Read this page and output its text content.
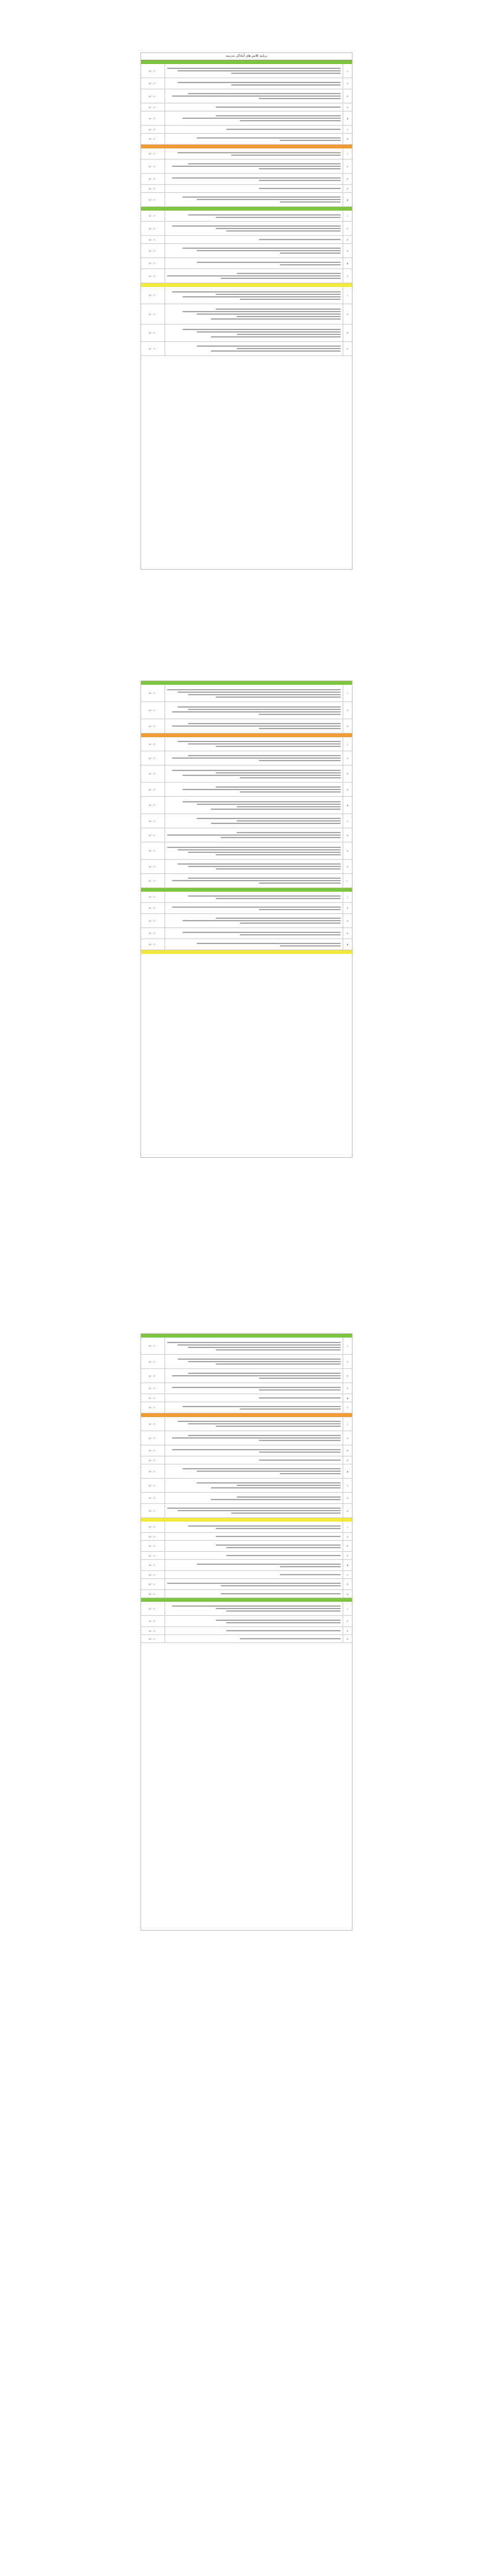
برنامه کلاس های آمادگی مدرسه
۱۴۰۰/۰۰	۱
۱۴۰۰/۰۰	۲
۱۴۰۰/۰۰	۳
۱۴۰۰/۰۰	۴
۱۴۰۰/۰۰	۵
۱۴۰۰/۰۰	۶
۱۴۰۰/۰۰	۷
۱۴۰۰/۰۰	۱
۱۴۰۰/۰۰	۲
۱۴۰۰/۰۰	۳
۱۴۰۰/۰۰	۴
۱۴۰۰/۰۰	۵
۱۴۰۰/۰۰	۱
۱۴۰۰/۰۰	۲
۱۴۰۰/۰۰	۳
۱۴۰۰/۰۰	۴
۱۴۰۰/۰۰	۵
۱۴۰۰/۰۰	۶
۱۴۰۰/۰۰	۱
۱۴۰۰/۰۰	۲
۱۴۰۰/۰۰	۳
۱۴۰۰/۰۰	۴
۱۴۰۰/۰۰	۱
۱۴۰۰/۰۰	۲
۱۴۰۰/۰۰	۳
۱۴۰۰/۰۰	۱
۱۴۰۰/۰۰	۲
۱۴۰۰/۰۰	۳
۱۴۰۰/۰۰	۴
۱۴۰۰/۰۰	۵
۱۴۰۰/۰۰	۶
۱۴۰۰/۰۰	۷
۱۴۰۰/۰۰	۸
۱۴۰۰/۰۰	۹
۱۴۰۰/۰۰	۱۰
۱۴۰۰/۰۰	۱
۱۴۰۰/۰۰	۲
۱۴۰۰/۰۰	۳
۱۴۰۰/۰۰	۴
۱۴۰۰/۰۰	۵
۱۴۰۰/۰۰	۱
۱۴۰۰/۰۰	۲
۱۴۰۰/۰۰	۳
۱۴۰۰/۰۰	۴
۱۴۰۰/۰۰	۵
۱۴۰۰/۰۰	۶
۱۴۰۰/۰۰	۱
۱۴۰۰/۰۰	۲
۱۴۰۰/۰۰	۳
۱۴۰۰/۰۰	۴
۱۴۰۰/۰۰	۵
۱۴۰۰/۰۰	۶
۱۴۰۰/۰۰	۷
۱۴۰۰/۰۰	۸
۱۴۰۰/۰۰	۱
۱۴۰۰/۰۰	۲
۱۴۰۰/۰۰	۳
۱۴۰۰/۰۰	۴
۱۴۰۰/۰۰	۵
۱۴۰۰/۰۰	۶
۱۴۰۰/۰۰	۷
۱۴۰۰/۰۰	۸
۱۴۰۰/۰۰	۱
۱۴۰۰/۰۰	۲
۱۴۰۰/۰۰	۳
۱۴۰۰/۰۰	۴
